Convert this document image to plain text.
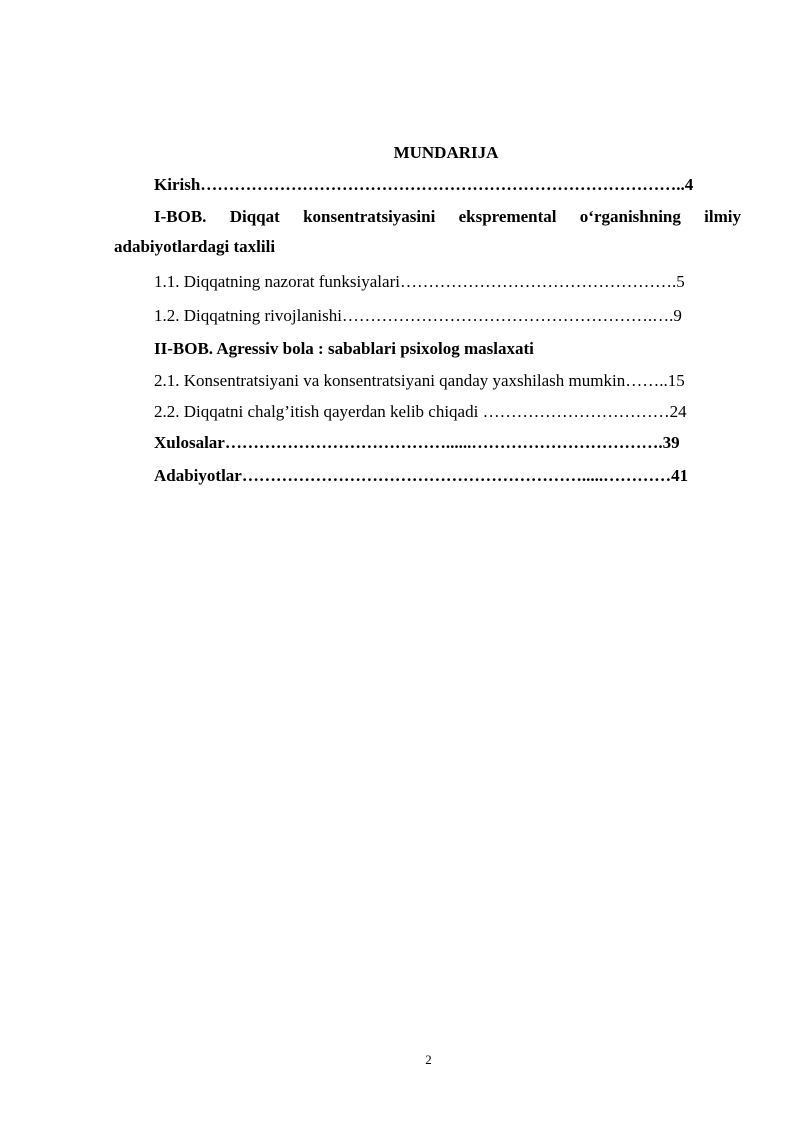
MUNDARIJA
Kirish…………………………………………………………………………..4
I-BOB. Diqqat konsentratsiyasini ekspremental o‘rganishning ilmiy
adabiyotlardagi taxlili
1.1. Diqqatning nazorat funksiyalari………………………………………….5
1.2. Diqqatning rivojlanishi……………………………………………….….9
II-BOB. Agressiv bola : sabablari psixolog maslaxati
2.1. Konsentratsiyani va konsentratsiyani qanday yaxshilash mumkin……..15
2.2. Diqqatni chalg’itish qayerdan kelib chiqadi ……………………………24
Xulosalar…………………………………......…………………………….39
Adabiyotlar…………………………………………………….....…………41
2
